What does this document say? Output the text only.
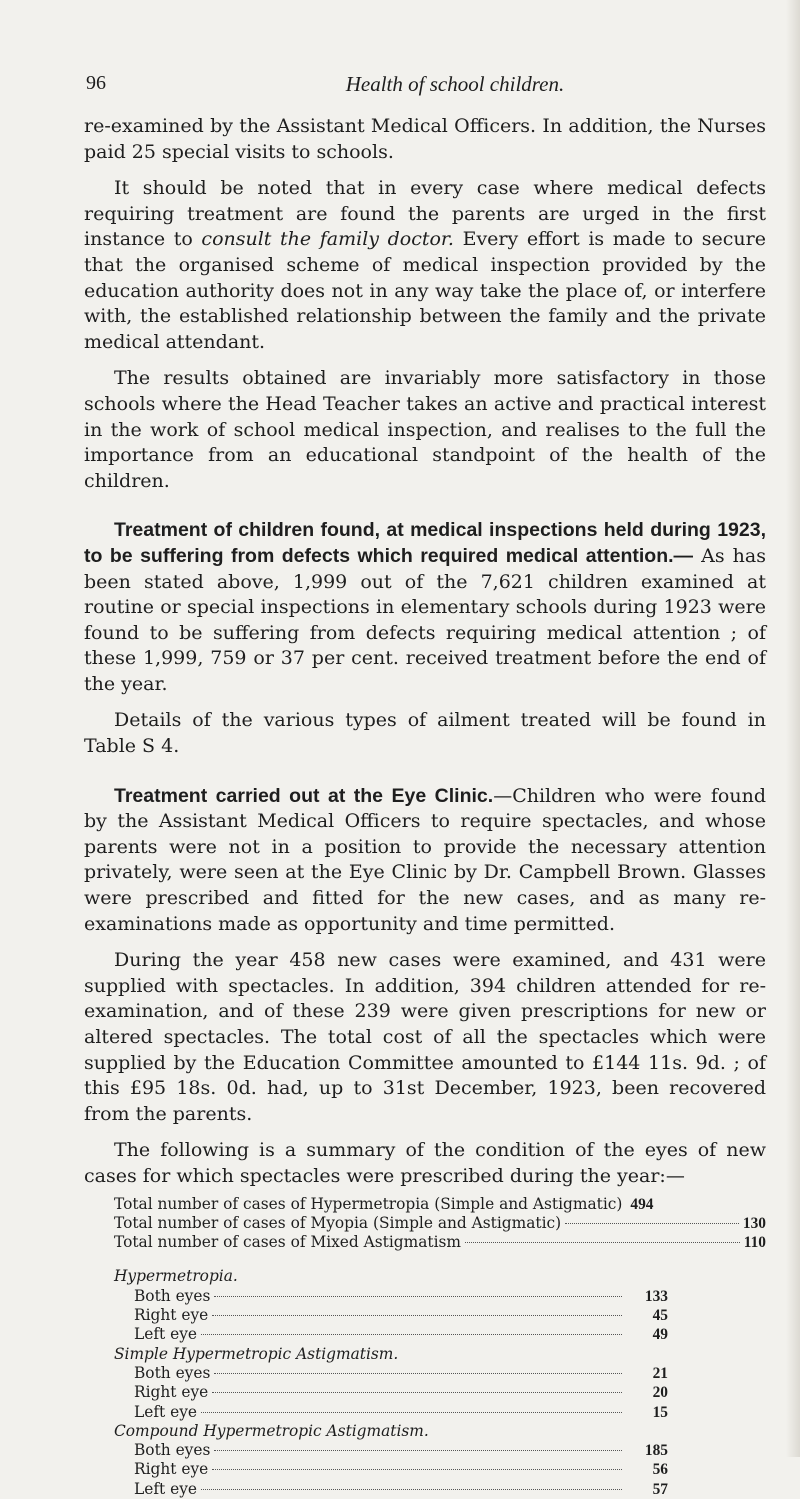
96	Health of school children.

re-examined by the Assistant Medical Officers. In addition, the Nurses paid 25 special visits to schools.

It should be noted that in every case where medical defects requiring treatment are found the parents are urged in the first instance to consult the family doctor. Every effort is made to secure that the organised scheme of medical inspection provided by the education authority does not in any way take the place of, or interfere with, the established relationship between the family and the private medical attendant.

The results obtained are invariably more satisfactory in those schools where the Head Teacher takes an active and practical interest in the work of school medical inspection, and realises to the full the importance from an educational standpoint of the health of the children.

Treatment of children found, at medical inspections held during 1923, to be suffering from defects which required medical attention.— As has been stated above, 1,999 out of the 7,621 children examined at routine or special inspections in elementary schools during 1923 were found to be suffering from defects requiring medical attention ; of these 1,999, 759 or 37 per cent. received treatment before the end of the year.

Details of the various types of ailment treated will be found in Table S 4.

Treatment carried out at the Eye Clinic.—Children who were found by the Assistant Medical Officers to require spectacles, and whose parents were not in a position to provide the necessary attention privately, were seen at the Eye Clinic by Dr. Campbell Brown. Glasses were prescribed and fitted for the new cases, and as many re-examinations made as opportunity and time permitted.

During the year 458 new cases were examined, and 431 were supplied with spectacles. In addition, 394 children attended for re-examination, and of these 239 were given prescriptions for new or altered spectacles. The total cost of all the spectacles which were supplied by the Education Committee amounted to £144 11s. 9d. ; of this £95 18s. 0d. had, up to 31st December, 1923, been recovered from the parents.

The following is a summary of the condition of the eyes of new cases for which spectacles were prescribed during the year:—

Total number of cases of Hypermetropia (Simple and Astigmatic) 494
Total number of cases of Myopia (Simple and Astigmatic)	130
Total number of cases of Mixed Astigmatism	110
Hypermetropia.
Both eyes	133
Right eye	45
Left eye	49
Simple Hypermetropic Astigmatism.
Both eyes	21
Right eye	20
Left eye	15
Compound Hypermetropic Astigmatism.
Both eyes	185
Right eye	56
Left eye	57
